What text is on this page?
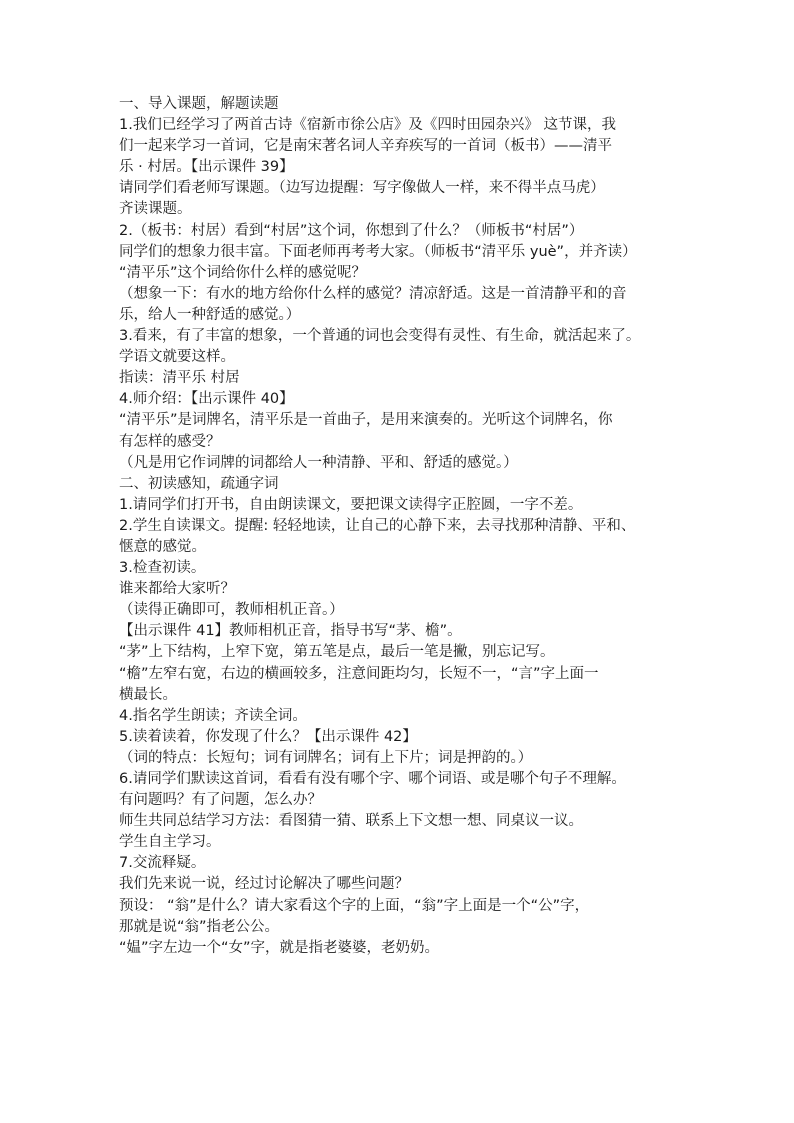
一、导入课题，解题读题
1.我们已经学习了两首古诗《宿新市徐公店》及《四时田园杂兴》 这节课，我
们一起来学习一首词，它是南宋著名词人辛弃疾写的一首词（板书）——清平
乐 · 村居。【出示课件 39】
请同学们看老师写课题。（边写边提醒：写字像做人一样，来不得半点马虎）
齐读课题。
2.（板书：村居）看到“村居”这个词，你想到了什么？（师板书“村居”）
同学们的想象力很丰富。下面老师再考考大家。（师板书“清平乐 yuè”，并齐读）
“清平乐”这个词给你什么样的感觉呢？
（想象一下：有水的地方给你什么样的感觉？清凉舒适。这是一首清静平和的音
乐，给人一种舒适的感觉。）
3.看来，有了丰富的想象，一个普通的词也会变得有灵性、有生命，就活起来了。
学语文就要这样。
指读：清平乐 村居
4.师介绍：【出示课件 40】
“清平乐”是词牌名，清平乐是一首曲子，是用来演奏的。光听这个词牌名，你
有怎样的感受？
（凡是用它作词牌的词都给人一种清静、平和、舒适的感觉。）
二、初读感知，疏通字词
1.请同学们打开书，自由朗读课文，要把课文读得字正腔圆，一字不差。
2.学生自读课文。提醒: 轻轻地读，让自己的心静下来，去寻找那种清静、平和、
惬意的感觉。
3.检查初读。
谁来都给大家听？
（读得正确即可，教师相机正音。）
【出示课件 41】教师相机正音，指导书写“茅、檐”。
“茅”上下结构，上窄下宽，第五笔是点，最后一笔是撇，别忘记写。
“檐”左窄右宽，右边的横画较多，注意间距均匀，长短不一，“言”字上面一
横最长。
4.指名学生朗读；齐读全词。
5.读着读着，你发现了什么？【出示课件 42】
（词的特点：长短句；词有词牌名；词有上下片；词是押韵的。）
6.请同学们默读这首词，看看有没有哪个字、哪个词语、或是哪个句子不理解。
有问题吗？有了问题，怎么办？
师生共同总结学习方法：看图猜一猜、联系上下文想一想、同桌议一议。
学生自主学习。
7.交流释疑。
我们先来说一说，经过讨论解决了哪些问题？
预设： “翁”是什么？请大家看这个字的上面，“翁”字上面是一个“公”字，
那就是说“翁”指老公公。
“媪”字左边一个“女”字，就是指老婆婆，老奶奶。
